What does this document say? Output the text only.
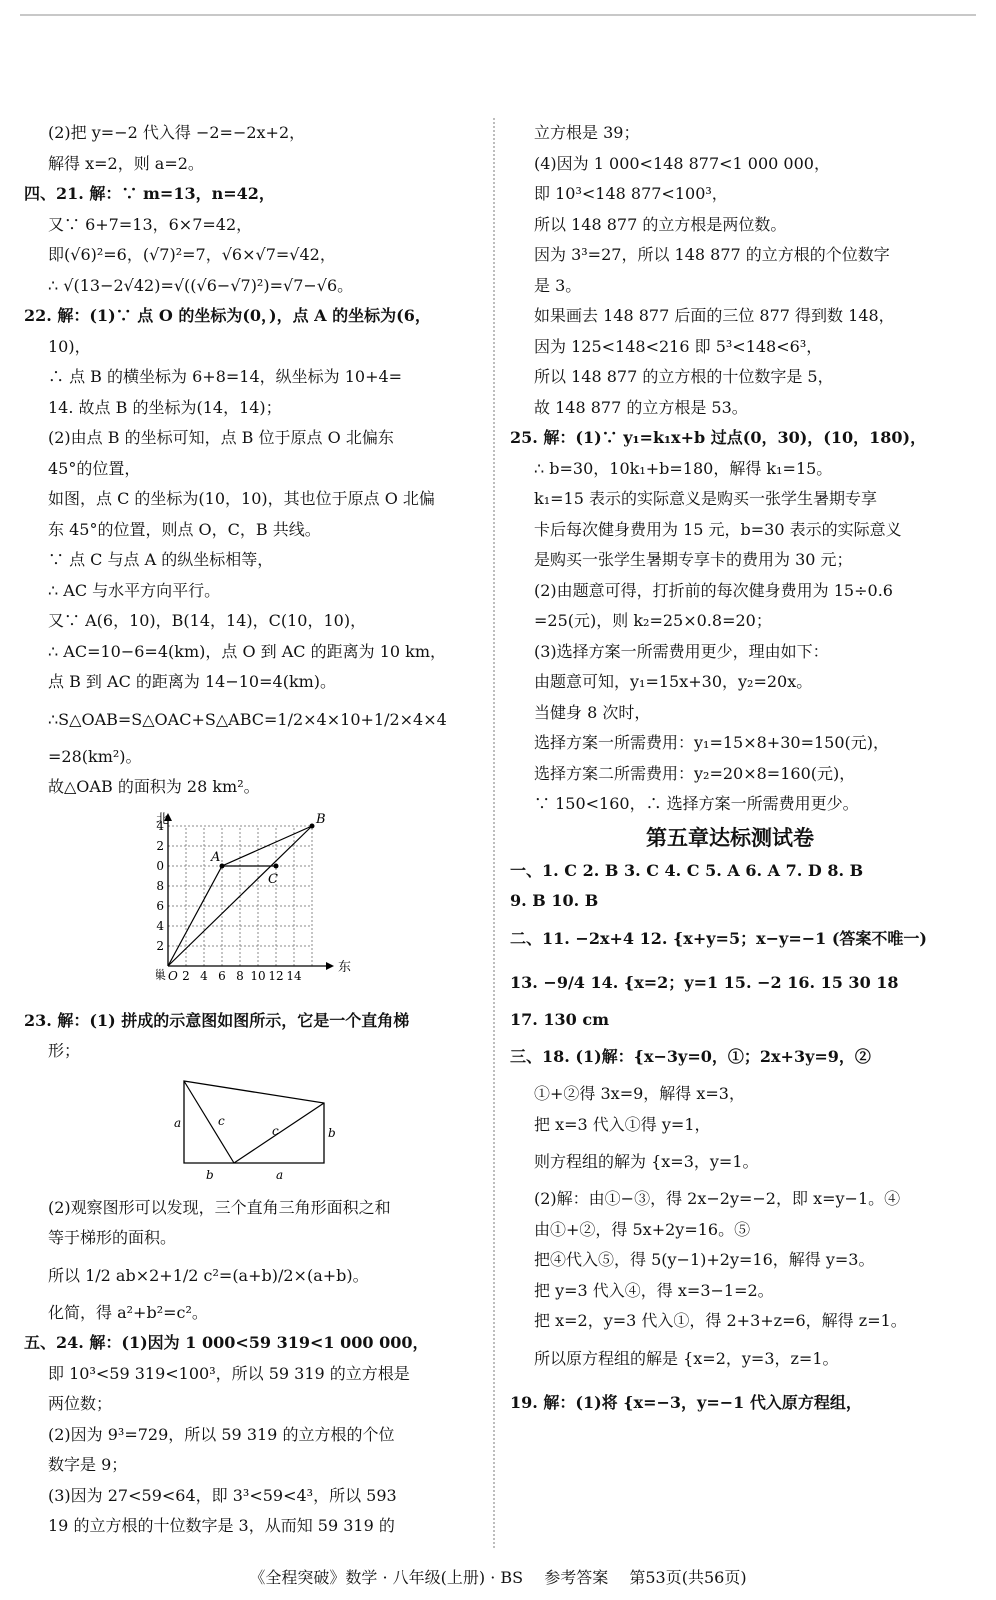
(2)把 y=−2 代入得 −2=−2x+2，
解得 x=2，则 a=2。
四、21. 解：∵ m=13，n=42，
又∵ 6+7=13，6×7=42，
即(√6)²=6，(√7)²=7，√6×√7=√42，
∴ √(13−2√42)=√((√6−√7)²)=√7−√6。
22. 解：(1)∵ 点 O 的坐标为(0，)，点 A 的坐标为(6，
10)，
∴ 点 B 的横坐标为 6+8=14，纵坐标为 10+4=
14. 故点 B 的坐标为(14，14)；
(2)由点 B 的坐标可知，点 B 位于原点 O 北偏东
45°的位置，
如图，点 C 的坐标为(10，10)，其也位于原点 O 北偏
东 45°的位置，则点 O，C，B 共线。
∵ 点 C 与点 A 的纵坐标相等，
∴ AC 与水平方向平行。
又∵ A(6，10)，B(14，14)，C(10，10)，
∴ AC=10−6=4(km)，点 O 到 AC 的距离为 10 km，
点 B 到 AC 的距离为 14−10=4(km)。
∴S△OAB=S△OAC+S△ABC=1/2×4×10+1/2×4×4
=28(km²)。
故△OAB 的面积为 28 km²。
北
东
巢 O
A
B
C
2
4
6
8
0
2
4
2 4 6 8 10 12 14
23. 解：(1) 拼成的示意图如图所示，它是一个直角梯
形；
a
b
c
c	b
a
(2)观察图形可以发现，三个直角三角形面积之和
等于梯形的面积。
所以 1/2 ab×2+1/2 c²=(a+b)/2×(a+b)。
化简，得 a²+b²=c²。
五、24. 解：(1)因为 1 000<59 319<1 000 000，
即 10³<59 319<100³，所以 59 319 的立方根是
两位数；
(2)因为 9³=729，所以 59 319 的立方根的个位
数字是 9；
(3)因为 27<59<64，即 3³<59<4³，所以 593
19 的立方根的十位数字是 3，从而知 59 319 的
立方根是 39；
(4)因为 1 000<148 877<1 000 000，
即 10³<148 877<100³，
所以 148 877 的立方根是两位数。
因为 3³=27，所以 148 877 的立方根的个位数字
是 3。
如果画去 148 877 后面的三位 877 得到数 148，
因为 125<148<216 即 5³<148<6³，
所以 148 877 的立方根的十位数字是 5，
故 148 877 的立方根是 53。
25. 解：(1)∵ y₁=k₁x+b 过点(0，30)，(10，180)，
∴ b=30，10k₁+b=180，解得 k₁=15。
k₁=15 表示的实际意义是购买一张学生暑期专享
卡后每次健身费用为 15 元，b=30 表示的实际意义
是购买一张学生暑期专享卡的费用为 30 元；
(2)由题意可得，打折前的每次健身费用为 15÷0.6
=25(元)，则 k₂=25×0.8=20；
(3)选择方案一所需费用更少，理由如下：
由题意可知，y₁=15x+30，y₂=20x。
当健身 8 次时，
选择方案一所需费用：y₁=15×8+30=150(元)，
选择方案二所需费用：y₂=20×8=160(元)，
∵ 150<160，∴ 选择方案一所需费用更少。
第五章达标测试卷
一、1. C 2. B 3. C 4. C 5. A 6. A 7. D 8. B
9. B 10. B
二、11. −2x+4 12. {x+y=5；x−y=−1 (答案不唯一)
13. −9/4 14. {x=2；y=1 15. −2 16. 15 30 18
17. 130 cm
三、18. (1)解：{x−3y=0，①；2x+3y=9，②
①+②得 3x=9，解得 x=3，
把 x=3 代入①得 y=1，
则方程组的解为 {x=3，y=1。
(2)解：由①−③，得 2x−2y=−2，即 x=y−1。④
由①+②，得 5x+2y=16。⑤
把④代入⑤，得 5(y−1)+2y=16，解得 y=3。
把 y=3 代入④，得 x=3−1=2。
把 x=2，y=3 代入①，得 2+3+z=6，解得 z=1。
所以原方程组的解是 {x=2，y=3，z=1。
19. 解：(1)将 {x=−3，y=−1 代入原方程组，
《全程突破》数学 · 八年级(上册) · BS 参考答案 第53页(共56页)
